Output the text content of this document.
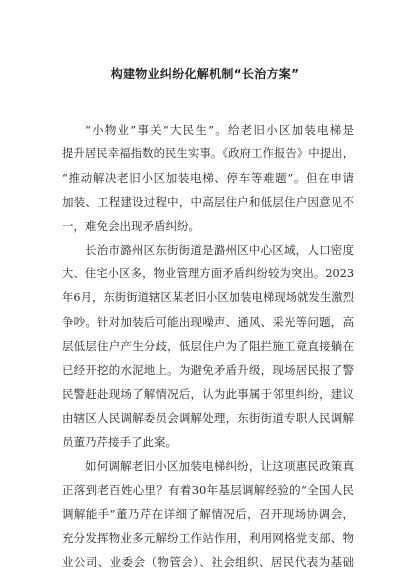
构建物业纠纷化解机制“长治方案”
“小物业”事关“大民生”。给老旧小区加装电梯是
提升居民幸福指数的民生实事。《政府工作报告》中提出，
“推动解决老旧小区加装电梯、停车等难题”。但在申请
加装、工程建设过程中，中高层住户和低层住户因意见不
一，难免会出现矛盾纠纷。
长治市潞州区东街街道是潞州区中心区域，人口密度
大、住宅小区多，物业管理方面矛盾纠纷较为突出。2023
年6月，东街街道辖区某老旧小区加装电梯现场就发生激烈
争吵。针对加装后可能出现噪声、通风、采光等问题，高
层低层住户产生分歧，低层住户为了阻拦施工竟直接躺在
已经开挖的水泥地上。为避免矛盾升级，现场居民报了警
民警赶赴现场了解情况后，认为此事属于邻里纠纷，建议
由辖区人民调解委员会调解处理，东街街道专职人民调解
员董乃芹接手了此案。
如何调解老旧小区加装电梯纠纷，让这项惠民政策真
正落到老百姓心里？有着30年基层调解经验的“全国人民
调解能手”董乃芹在详细了解情况后，召开现场协调会，
充分发挥物业多元解纷工作站作用，利用网格党支部、物
业公司、业委会（物管会）、社会组织、居民代表为基础
